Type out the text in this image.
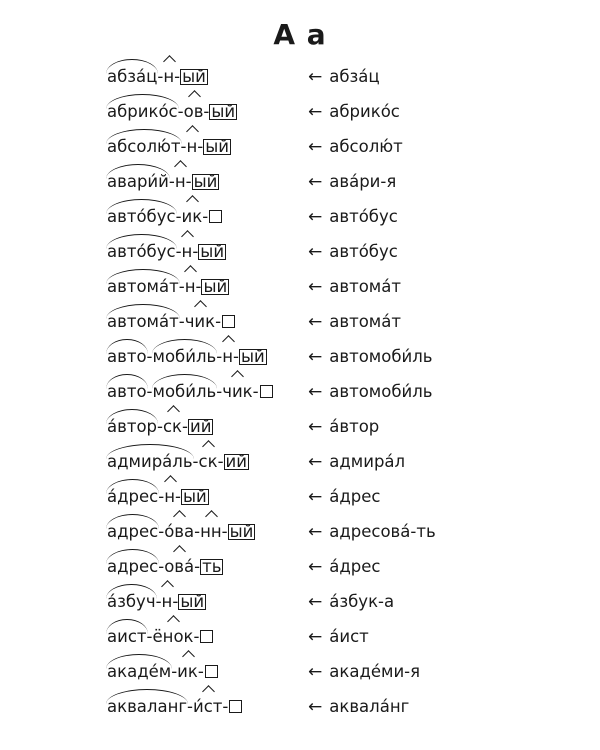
А а
абза́ц-н- ый	← абза́ц
абрико́с-ов- ый	← абрико́с
абсолю́т-н- ый	← абсолю́т
авари́й-н- ый	← ава́ри-я
авто́бус-ик-	← авто́бус
авто́бус-н- ый	← авто́бус
автома́т-н- ый	← автома́т
автома́т-чик-	← автома́т
авто-моби́ль-н- ый	← автомоби́ль
авто-моби́ль-чик-	← автомоби́ль
а́втор-ск- ий	← а́втор
адмира́ль-ск- ий	← адмира́л
а́дрес-н- ый	← а́дрес
адрес-о́ва-нн- ый	← адресова́-ть
адрес-ова́- ть	← а́дрес
а́збуч-н- ый	← а́збук-а
аист-ёнок-	← а́ист
акаде́м-ик-	← акаде́ми-я
акваланг-и́ст-	← аквала́нг
